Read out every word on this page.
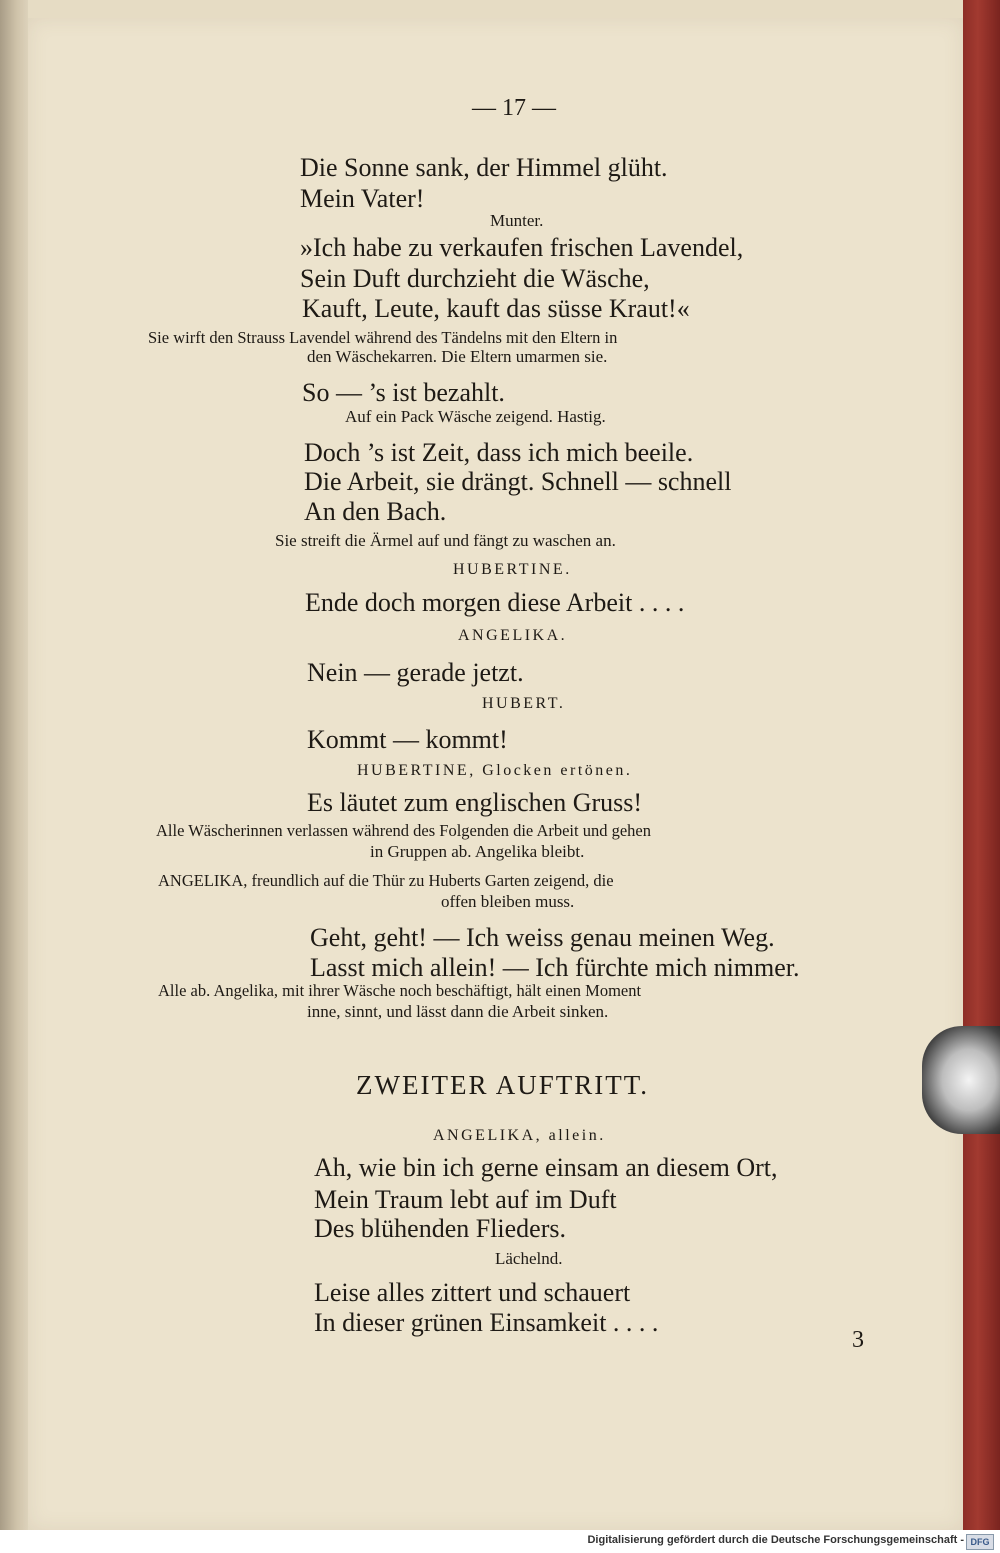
— 17 —
Die Sonne sank, der Himmel glüht.
Mein Vater!
Munter.
»Ich habe zu verkaufen frischen Lavendel,
Sein Duft durchzieht die Wäsche,
Kauft, Leute, kauft das süsse Kraut!«
Sie wirft den Strauss Lavendel während des Tändelns mit den Eltern in
den Wäschekarren. Die Eltern umarmen sie.
So — ’s ist bezahlt.
Auf ein Pack Wäsche zeigend. Hastig.
Doch ’s ist Zeit, dass ich mich beeile.
Die Arbeit, sie drängt. Schnell — schnell
An den Bach.
Sie streift die Ärmel auf und fängt zu waschen an.
HUBERTINE.
Ende doch morgen diese Arbeit . . . .
ANGELIKA.
Nein — gerade jetzt.
HUBERT.
Kommt — kommt!
HUBERTINE, Glocken ertönen.
Es läutet zum englischen Gruss!
Alle Wäscherinnen verlassen während des Folgenden die Arbeit und gehen
in Gruppen ab. Angelika bleibt.
ANGELIKA, freundlich auf die Thür zu Huberts Garten zeigend, die
offen bleiben muss.
Geht, geht! — Ich weiss genau meinen Weg.
Lasst mich allein! — Ich fürchte mich nimmer.
Alle ab. Angelika, mit ihrer Wäsche noch beschäftigt, hält einen Moment
inne, sinnt, und lässt dann die Arbeit sinken.
ZWEITER AUFTRITT.
ANGELIKA, allein.
Ah, wie bin ich gerne einsam an diesem Ort,
Mein Traum lebt auf im Duft
Des blühenden Flieders.
Lächelnd.
Leise alles zittert und schauert
In dieser grünen Einsamkeit . . . .
3
Digitalisierung gefördert durch die Deutsche Forschungsgemeinschaft - DFG
